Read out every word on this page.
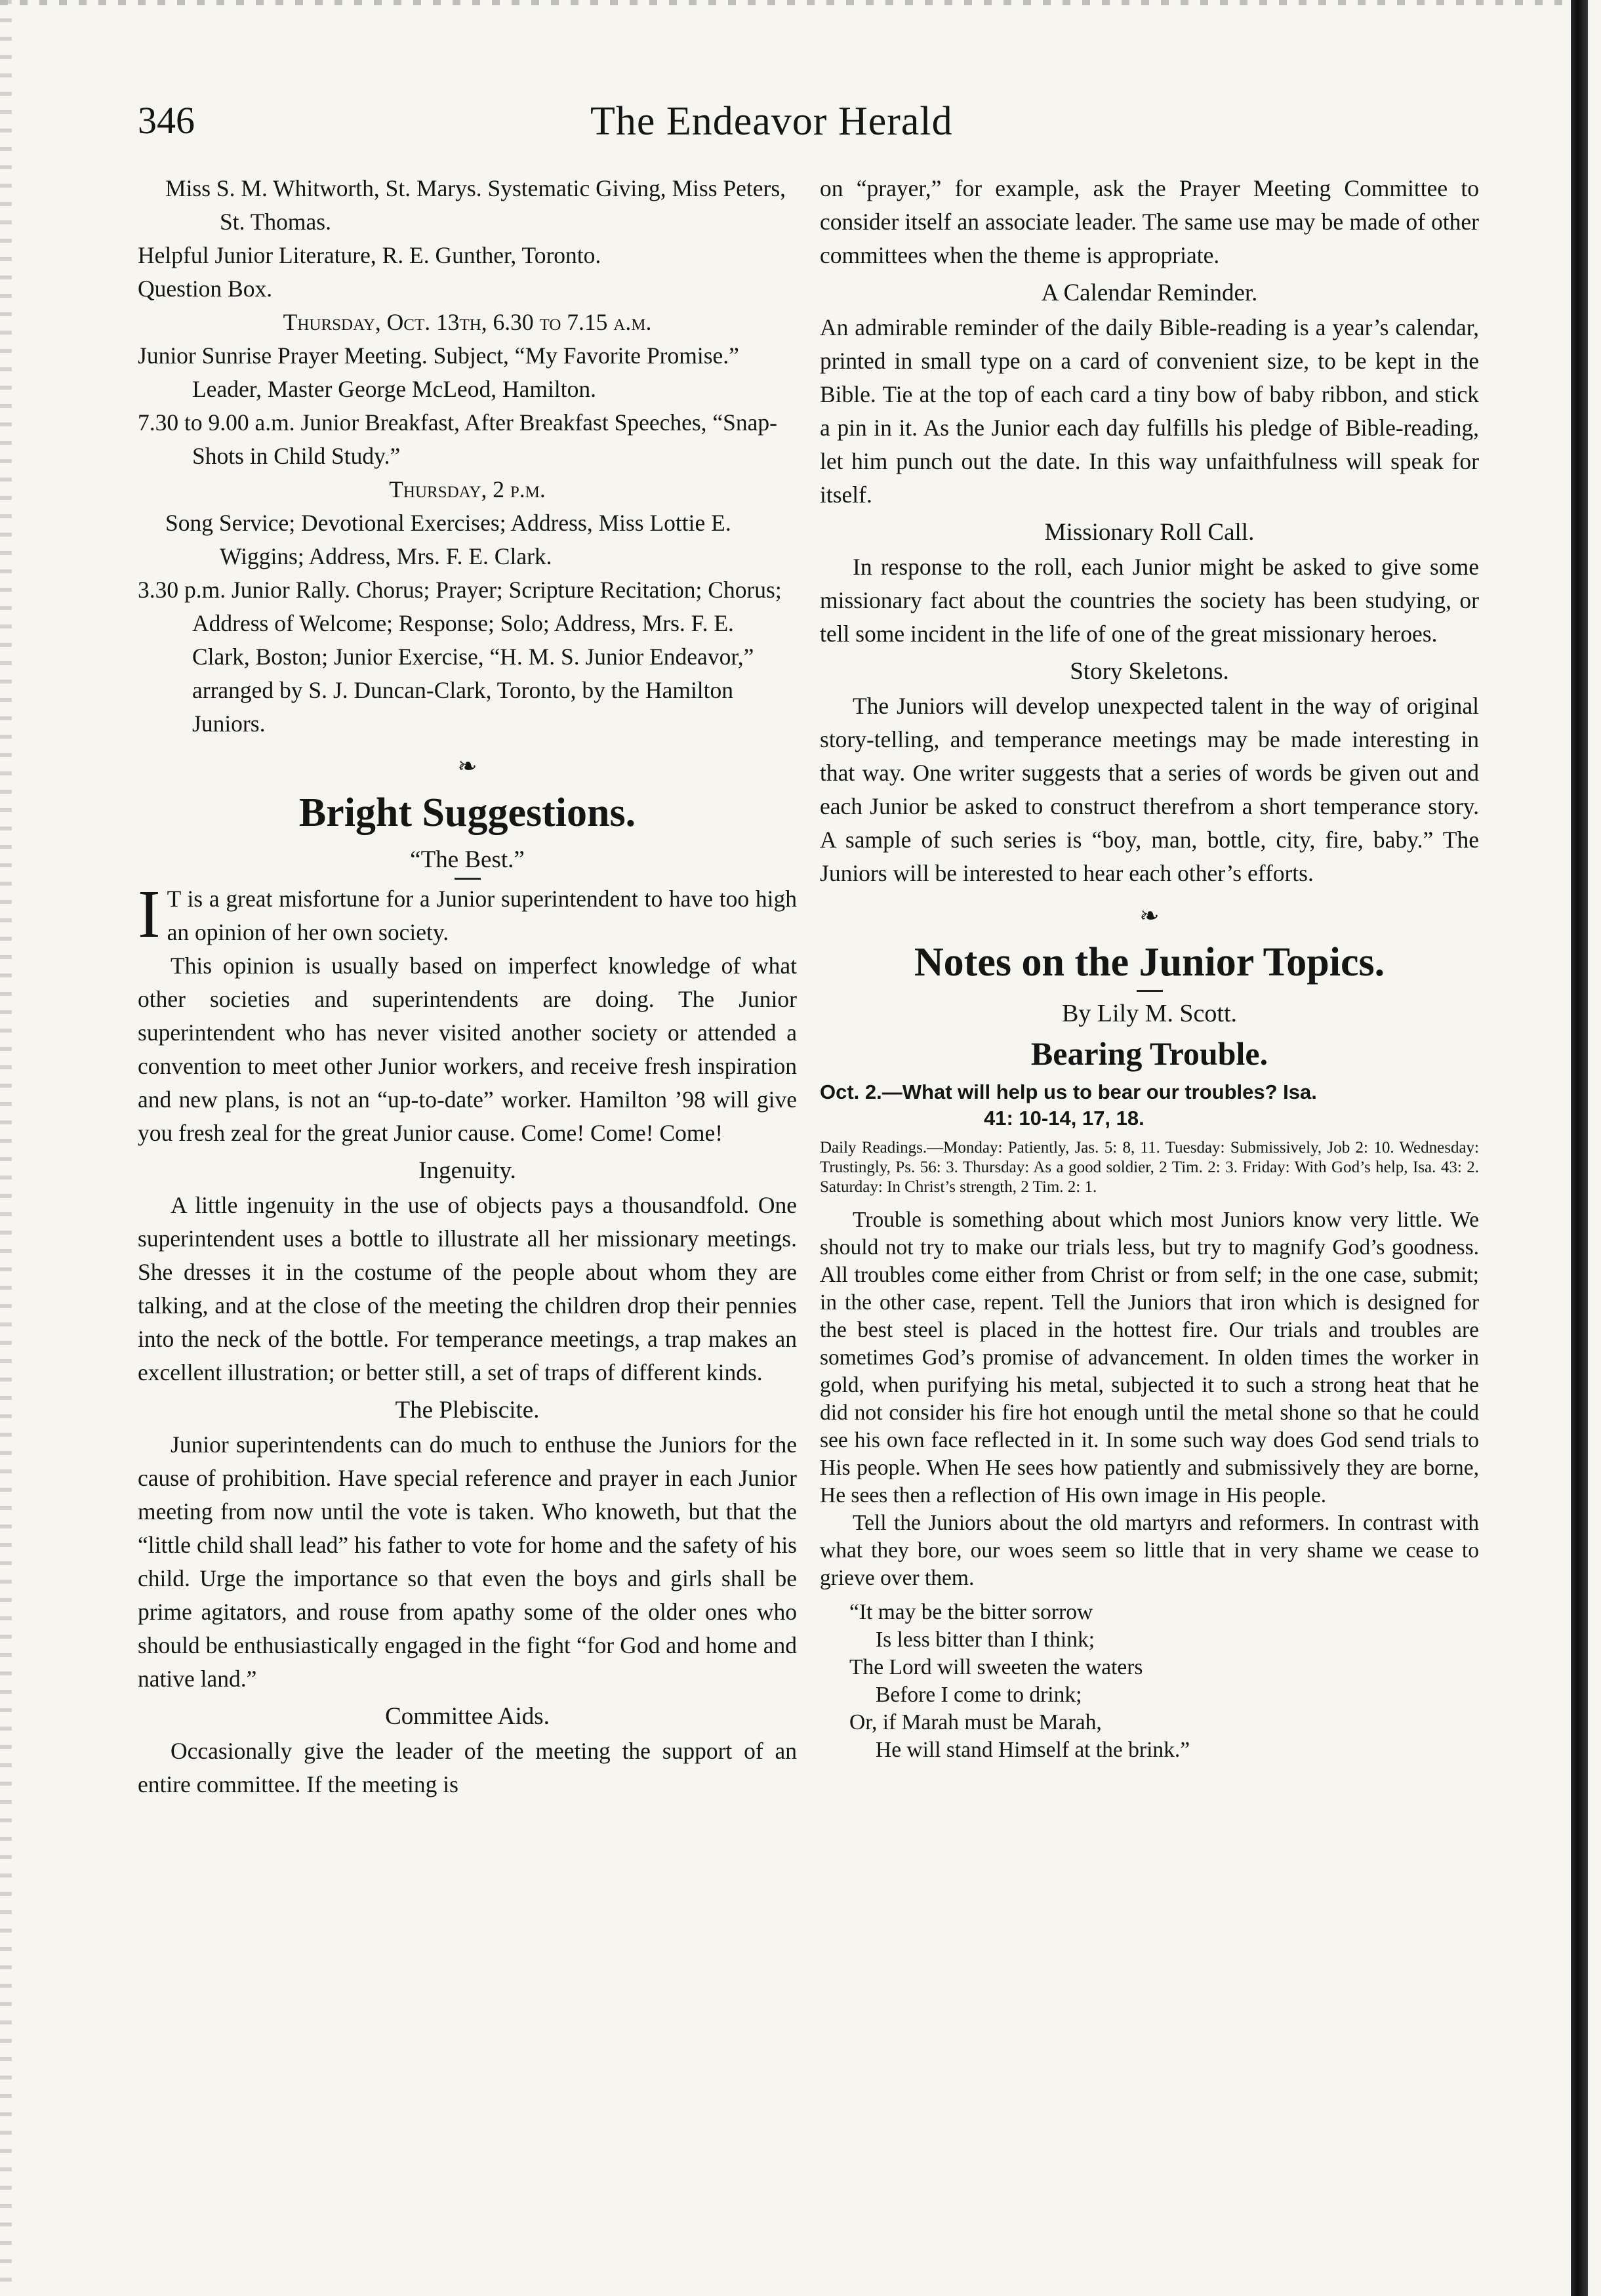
346	The Endeavor Herald

Miss S. M. Whitworth, St. Marys. Systematic Giving, Miss Peters, St. Thomas.

Helpful Junior Literature, R. E. Gunther, Toronto.

Question Box.

Thursday, Oct. 13th, 6.30 to 7.15 a.m.

Junior Sunrise Prayer Meeting. Subject, “My Favorite Promise.” Leader, Master George McLeod, Hamilton.

7.30 to 9.00 a.m. Junior Breakfast, After Breakfast Speeches, “Snap-Shots in Child Study.”

Thursday, 2 p.m.

Song Service; Devotional Exercises; Address, Miss Lottie E. Wiggins; Address, Mrs. F. E. Clark.

3.30 p.m. Junior Rally. Chorus; Prayer; Scripture Recitation; Chorus; Address of Welcome; Response; Solo; Address, Mrs. F. E. Clark, Boston; Junior Exercise, “H. M. S. Junior Endeavor,” arranged by S. J. Duncan-Clark, Toronto, by the Hamilton Juniors.

❧

Bright Suggestions.

“The Best.”

I T is a great misfortune for a Junior superintendent to have too high an opinion of her own society.

This opinion is usually based on imperfect knowledge of what other societies and superintendents are doing. The Junior superintendent who has never visited another society or attended a convention to meet other Junior workers, and receive fresh inspiration and new plans, is not an “up-to-date” worker. Hamilton ’98 will give you fresh zeal for the great Junior cause. Come! Come! Come!

Ingenuity.

A little ingenuity in the use of objects pays a thousandfold. One superintendent uses a bottle to illustrate all her missionary meetings. She dresses it in the costume of the people about whom they are talking, and at the close of the meeting the children drop their pennies into the neck of the bottle. For temperance meetings, a trap makes an excellent illustration; or better still, a set of traps of different kinds.

The Plebiscite.

Junior superintendents can do much to enthuse the Juniors for the cause of prohibition. Have special reference and prayer in each Junior meeting from now until the vote is taken. Who knoweth, but that the “little child shall lead” his father to vote for home and the safety of his child. Urge the importance so that even the boys and girls shall be prime agitators, and rouse from apathy some of the older ones who should be enthusiastically engaged in the fight “for God and home and native land.”

Committee Aids.

Occasionally give the leader of the meeting the support of an entire committee. If the meeting is

on “prayer,” for example, ask the Prayer Meeting Committee to consider itself an associate leader. The same use may be made of other committees when the theme is appropriate.

A Calendar Reminder.

An admirable reminder of the daily Bible-reading is a year’s calendar, printed in small type on a card of convenient size, to be kept in the Bible. Tie at the top of each card a tiny bow of baby ribbon, and stick a pin in it. As the Junior each day fulfills his pledge of Bible-reading, let him punch out the date. In this way unfaithfulness will speak for itself.

Missionary Roll Call.

In response to the roll, each Junior might be asked to give some missionary fact about the countries the society has been studying, or tell some incident in the life of one of the great missionary heroes.

Story Skeletons.

The Juniors will develop unexpected talent in the way of original story-telling, and temperance meetings may be made interesting in that way. One writer suggests that a series of words be given out and each Junior be asked to construct therefrom a short temperance story. A sample of such series is “boy, man, bottle, city, fire, baby.” The Juniors will be interested to hear each other’s efforts.

❧

Notes on the Junior Topics.

By Lily M. Scott.

Bearing Trouble.

Oct. 2.—What will help us to bear our troubles? Isa.
41: 10-14, 17, 18.

Daily Readings.—Monday: Patiently, Jas. 5: 8, 11. Tuesday: Submissively, Job 2: 10. Wednesday: Trustingly, Ps. 56: 3. Thursday: As a good soldier, 2 Tim. 2: 3. Friday: With God’s help, Isa. 43: 2. Saturday: In Christ’s strength, 2 Tim. 2: 1.

Trouble is something about which most Juniors know very little. We should not try to make our trials less, but try to magnify God’s goodness. All troubles come either from Christ or from self; in the one case, submit; in the other case, repent. Tell the Juniors that iron which is designed for the best steel is placed in the hottest fire. Our trials and troubles are sometimes God’s promise of advancement. In olden times the worker in gold, when purifying his metal, subjected it to such a strong heat that he did not consider his fire hot enough until the metal shone so that he could see his own face reflected in it. In some such way does God send trials to His people. When He sees how patiently and submissively they are borne, He sees then a reflection of His own image in His people.

Tell the Juniors about the old martyrs and reformers. In contrast with what they bore, our woes seem so little that in very shame we cease to grieve over them.

“It may be the bitter sorrow
Is less bitter than I think;
The Lord will sweeten the waters
Before I come to drink;
Or, if Marah must be Marah,
He will stand Himself at the brink.”
